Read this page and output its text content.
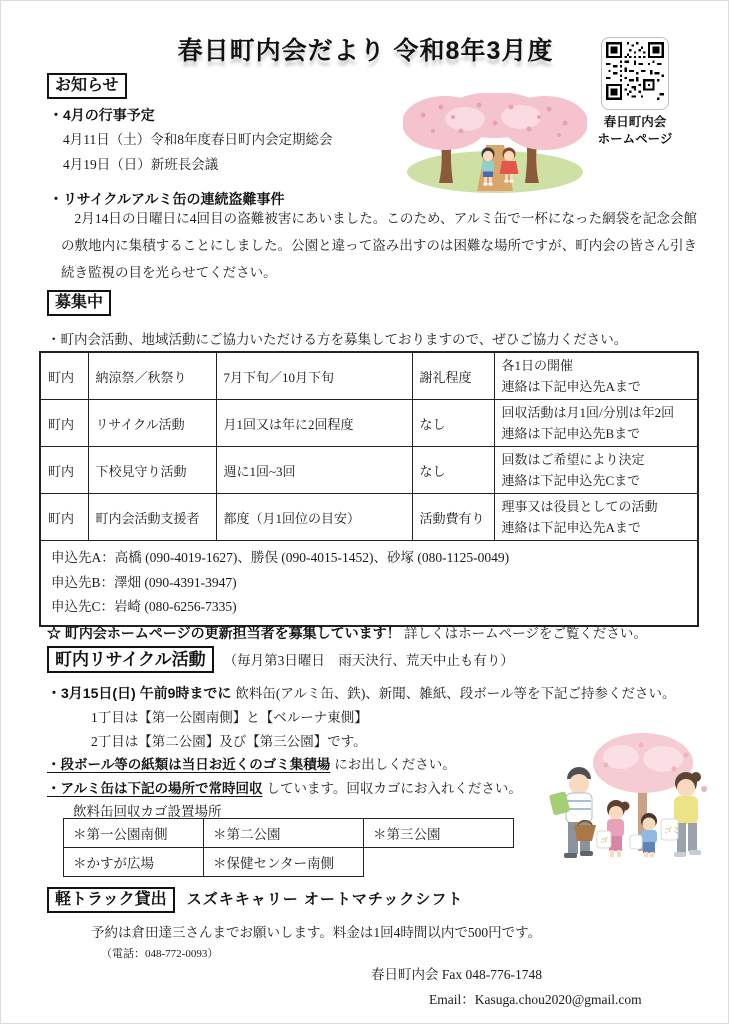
春日町内会だより 令和8年3月度
春日町内会
ホームページ
お知らせ
・4月の行事予定
4月11日（土）令和8年度春日町内会定期総会
4月19日（日）新班長会議
・リサイクルアルミ缶の連続盗難事件
2月14日の日曜日に4回目の盗難被害にあいました。このため、アルミ缶で一杯になった網袋を記念会館の敷地内に集積することにしました。公園と違って盗み出すのは困難な場所ですが、町内会の皆さん引き続き監視の目を光らせてください。
募集中
・町内会活動、地域活動にご協力いただける方を募集しておりますので、ぜひご協力ください。
町内	納涼祭／秋祭り	7月下旬／10月下旬	謝礼程度	各1日の開催
連絡は下記申込先Aまで

町内	リサイクル活動	月1回又は年に2回程度	なし	回収活動は月1回/分別は年2回
連絡は下記申込先Bまで

町内	下校見守り活動	週に1回~3回	なし	回数はご希望により決定
連絡は下記申込先Cまで

町内	町内会活動支援者	都度（月1回位の目安）	活動費有り	理事又は役員としての活動
連絡は下記申込先Aまで

申込先A：高橋 (090-4019-1627)、勝俣 (090-4015-1452)、砂塚 (080-1125-0049)
申込先B：澤畑 (090-4391-3947)
申込先C：岩崎 (080-6256-7335)				
☆ 町内会ホームページの更新担当者を募集しています！ 詳しくはホームページをご覧ください。
町内リサイクル活動 （毎月第3日曜日　雨天決行、荒天中止も有り）
・3月15日(日) 午前9時までに 飲料缶(アルミ缶、鉄)、新聞、雑紙、段ボール等を下記ご持参ください。
1丁目は【第一公園南側】と【ベルーナ東側】
2丁目は【第二公園】及び【第三公園】です。
・段ボール等の紙類は当日お近くのゴミ集積場 にお出しください。
・アルミ缶は下記の場所で常時回収 しています。回収カゴにお入れください。
飲料缶回収カゴ設置場所
＊第一公園南側	＊第二公園	＊第三公園
＊かすが広場	＊保健センター南側	
ゴミ
ゴミ
軽トラック貸出 スズキキャリー オートマチックシフト
予約は倉田達三さんまでお願いします。料金は1回4時間以内で500円です。
（電話：048-772-0093）
春日町内会 Fax 048-776-1748
Email：Kasuga.chou2020@gmail.com
